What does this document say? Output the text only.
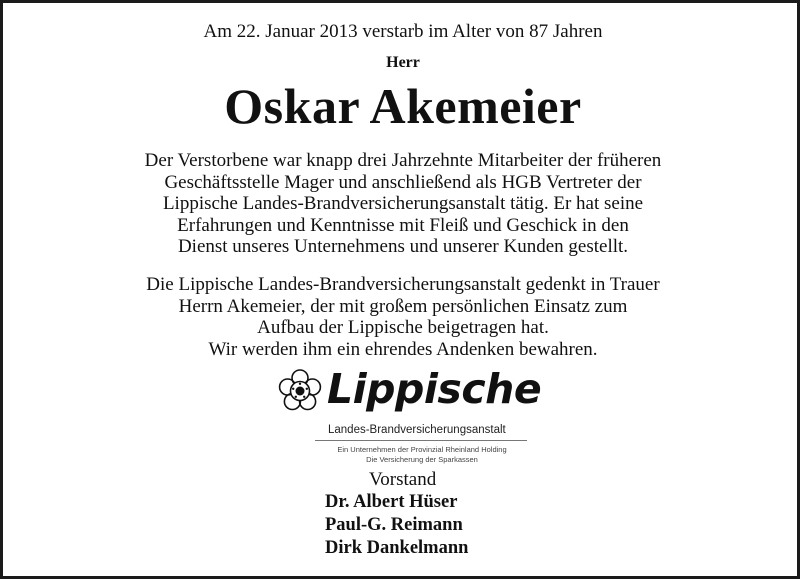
Am 22. Januar 2013 verstarb im Alter von 87 Jahren
Herr
Oskar Akemeier
Der Verstorbene war knapp drei Jahrzehnte Mitarbeiter der früheren
Geschäftsstelle Mager und anschließend als HGB Vertreter der
Lippische Landes-Brandversicherungsanstalt tätig. Er hat seine
Erfahrungen und Kenntnisse mit Fleiß und Geschick in den
Dienst unseres Unternehmens und unserer Kunden gestellt.
Die Lippische Landes-Brandversicherungsanstalt gedenkt in Trauer
Herrn Akemeier, der mit großem persönlichen Einsatz zum
Aufbau der Lippische beigetragen hat.
Wir werden ihm ein ehrendes Andenken bewahren.
Lippische
Landes-Brandversicherungsanstalt
Ein Unternehmen der Provinzial Rheinland Holding
Die Versicherung der Sparkassen
Vorstand
Dr. Albert Hüser
Paul-G. Reimann
Dirk Dankelmann
